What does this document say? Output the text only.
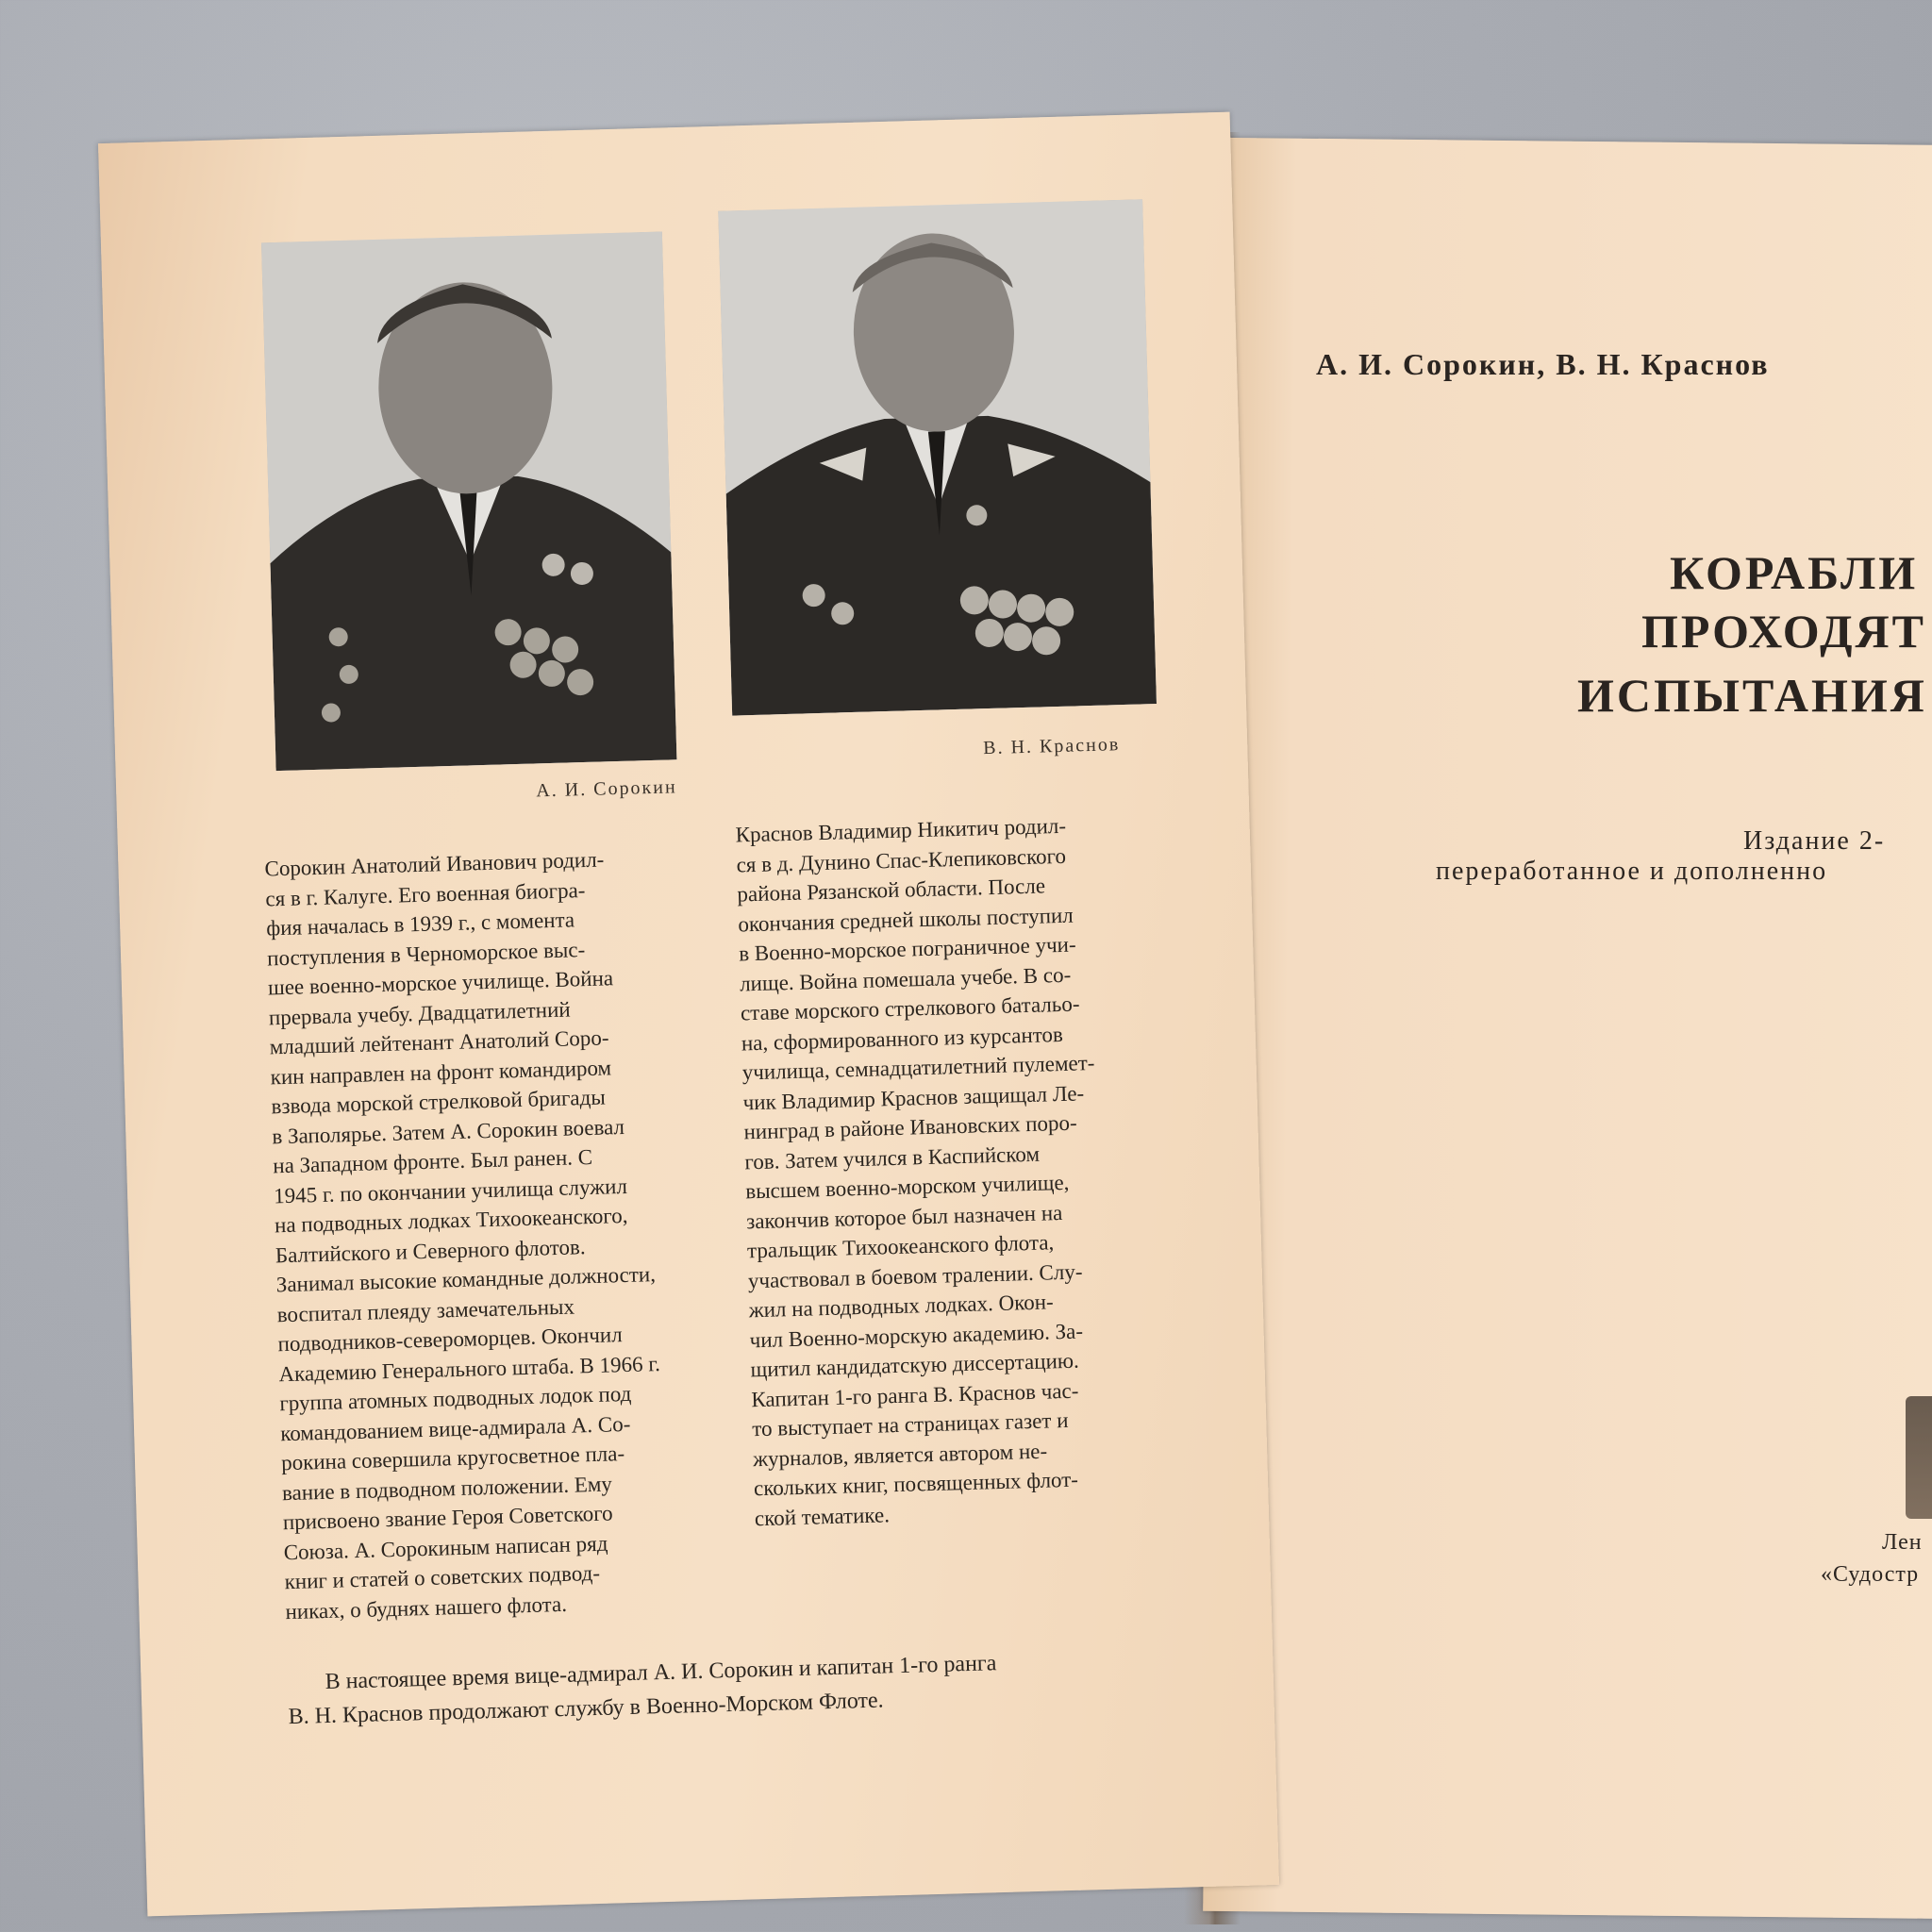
А. И. Сорокин, В. Н. Краснов
КОРАБЛИ
ПРОХОДЯТ
ИСПЫТАНИЯ
Издание 2-
переработанное и дополненно
Лен
«Судостр
А. И. Сорокин
В. Н. Краснов
Сорокин Анатолий Иванович родил-
ся в г. Калуге. Его военная биогра-
фия началась в 1939 г., с момента
поступления в Черноморское выс-
шее военно-морское училище. Война
прервала учебу. Двадцатилетний
младший лейтенант Анатолий Соро-
кин направлен на фронт командиром
взвода морской стрелковой бригады
в Заполярье. Затем А. Сорокин воевал
на Западном фронте. Был ранен. С
1945 г. по окончании училища служил
на подводных лодках Тихоокеанского,
Балтийского и Северного флотов.
Занимал высокие командные должности,
воспитал плеяду замечательных
подводников-североморцев. Окончил
Академию Генерального штаба. В 1966 г.
группа атомных подводных лодок под
командованием вице-адмирала А. Со-
рокина совершила кругосветное пла-
вание в подводном положении. Ему
присвоено звание Героя Советского
Союза. А. Сорокиным написан ряд
книг и статей о советских подвод-
никах, о буднях нашего флота.
Краснов Владимир Никитич родил-
ся в д. Дунино Спас-Клепиковского
района Рязанской области. После
окончания средней школы поступил
в Военно-морское пограничное учи-
лище. Война помешала учебе. В со-
ставе морского стрелкового батальо-
на, сформированного из курсантов
училища, семнадцатилетний пулемет-
чик Владимир Краснов защищал Ле-
нинград в районе Ивановских поро-
гов. Затем учился в Каспийском
высшем военно-морском училище,
закончив которое был назначен на
тральщик Тихоокеанского флота,
участвовал в боевом тралении. Слу-
жил на подводных лодках. Окон-
чил Военно-морскую академию. За-
щитил кандидатскую диссертацию.
Капитан 1-го ранга В. Краснов час-
то выступает на страницах газет и
журналов, является автором не-
скольких книг, посвященных флот-
ской тематике.
В настоящее время вице-адмирал А. И. Сорокин и капитан 1-го ранга
В. Н. Краснов продолжают службу в Военно-Морском Флоте.
